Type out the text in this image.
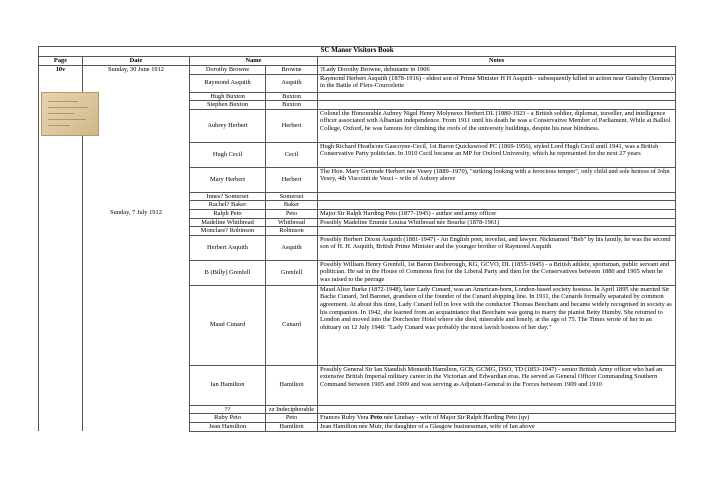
SC Manor Visitors Book				
Page	Date	Name		Notes

10v	Sunday, 30 June 1912	Dorothy Browne	Browne	?Lady Dorothy Browne, debutante in 1906
		Raymond Asquith	Asquith	Raymond Herbert Asquith (1878-1916) - eldest son of Prime Minister H H Asquith - subsequently killed in action near Guinchy (Somme) in the Battle of Flers-Courcelette
		Hugh Buxton	Buxton	
		Stephen Buxton	Buxton	
		Aubrey Herbert	Herbert	Colonel the Honourable Aubrey Nigel Henry Molyneux Herbert DL (1880-1923 - a British soldier, diplomat, traveller, and intelligence officer associated with Albanian independence. From 1911 until his death he was a Conservative Member of Parliament. While at Balliol College, Oxford, he was famous for climbing the roofs of the university buildings, despite his near blindness.
		Hugh Cecil	Cecil	Hugh Richard Heathcote Gascoyne-Cecil, 1st Baron Quickswood PC (1869-1956), styled Lord Hugh Cecil until 1941, was a British Conservative Party politician. In 1910 Cecil became an MP for Oxford University, which he represented for the next 27 years
		Mary Herbert	Herbert	The Hon. Mary Gertrude Herbert née Vesey (1889–1970), "striking looking with a ferocious temper", only child and sole heiress of John Vesey, 4th Viscount de Vesci – wife of Aubrey above
		Innes? Somerset	Somerset	
		Rachel? Baker	Baker	
	Sunday, 7 July 1912	Ralph Peto	Peto	Major Sir Ralph Harding Peto (1877-1945) - author and army officer
		Madeline Whitbread	Whitbread	Possibly Madeline Emmie Louisa Whitbread née Bourke (1878-1961)
		Monclare? Robinson	Robinson	
		Herbert Asquith	Asquith	Possibly Herbert Dixon Asquith (1881-1947) - An English poet, novelist, and lawyer. Nicknamed "Beb" by his family, he was the second son of H. H. Asquith, British Prime Minister and the younger brother of Raymond Asquith
		B (Billy) Grenfell	Grenfell	Possibly William Henry Grenfell, 1st Baron Desborough, KG, GCVO, DL (1855-1945) - a British athlete, sportsman, public servant and politician. He sat in the House of Commons first for the Liberal Party and then for the Conservatives between 1880 and 1905 when he was raised to the peerage
		Maud Cunard	Cunard	Maud Alice Burke (1872-1948), later Lady Cunard, was an American-born, London-based society hostess. In April 1895 she married Sir Bache Cunard, 3rd Baronet, grandson of the founder of the Cunard shipping line. In 1911, the Cunards formally separated by common agreement. At about this time, Lady Cunard fell in love with the conductor Thomas Beecham and became widely recognised in society as his companion. In 1942, she learned from an acquaintance that Beecham was going to marry the pianist Betty Humby. She returned to London and moved into the Dorchester Hotel where she died, miserable and lonely, at the age of 75. The Times wrote of her in an obituary on 12 July 1948: "Lady Cunard was probably the most lavish hostess of her day."
		Ian Hamilton	Hamilton	Possibly General Sir Ian Standish Monteith Hamilton, GCB, GCMG, DSO, TD (1853-1947) - senior British Army officer who had an extensive British Imperial military career in the Victorian and Edwardian eras. He served as General Officer Commanding Southern Command between 1905 and 1909 and was serving as Adjutant-General to the Forces between 1909 and 1910
		??	zz Indecipherable	
		Ruby Peto	Peto	Frances Ruby Vera Peto née Lindsay - wife of Major Sir Ralph Harding Peto (qv)
		Jean Hamilton	Hamilton	Jean Hamilton née Muir, the daughter of a Glasgow businessman, wife of Ian above
